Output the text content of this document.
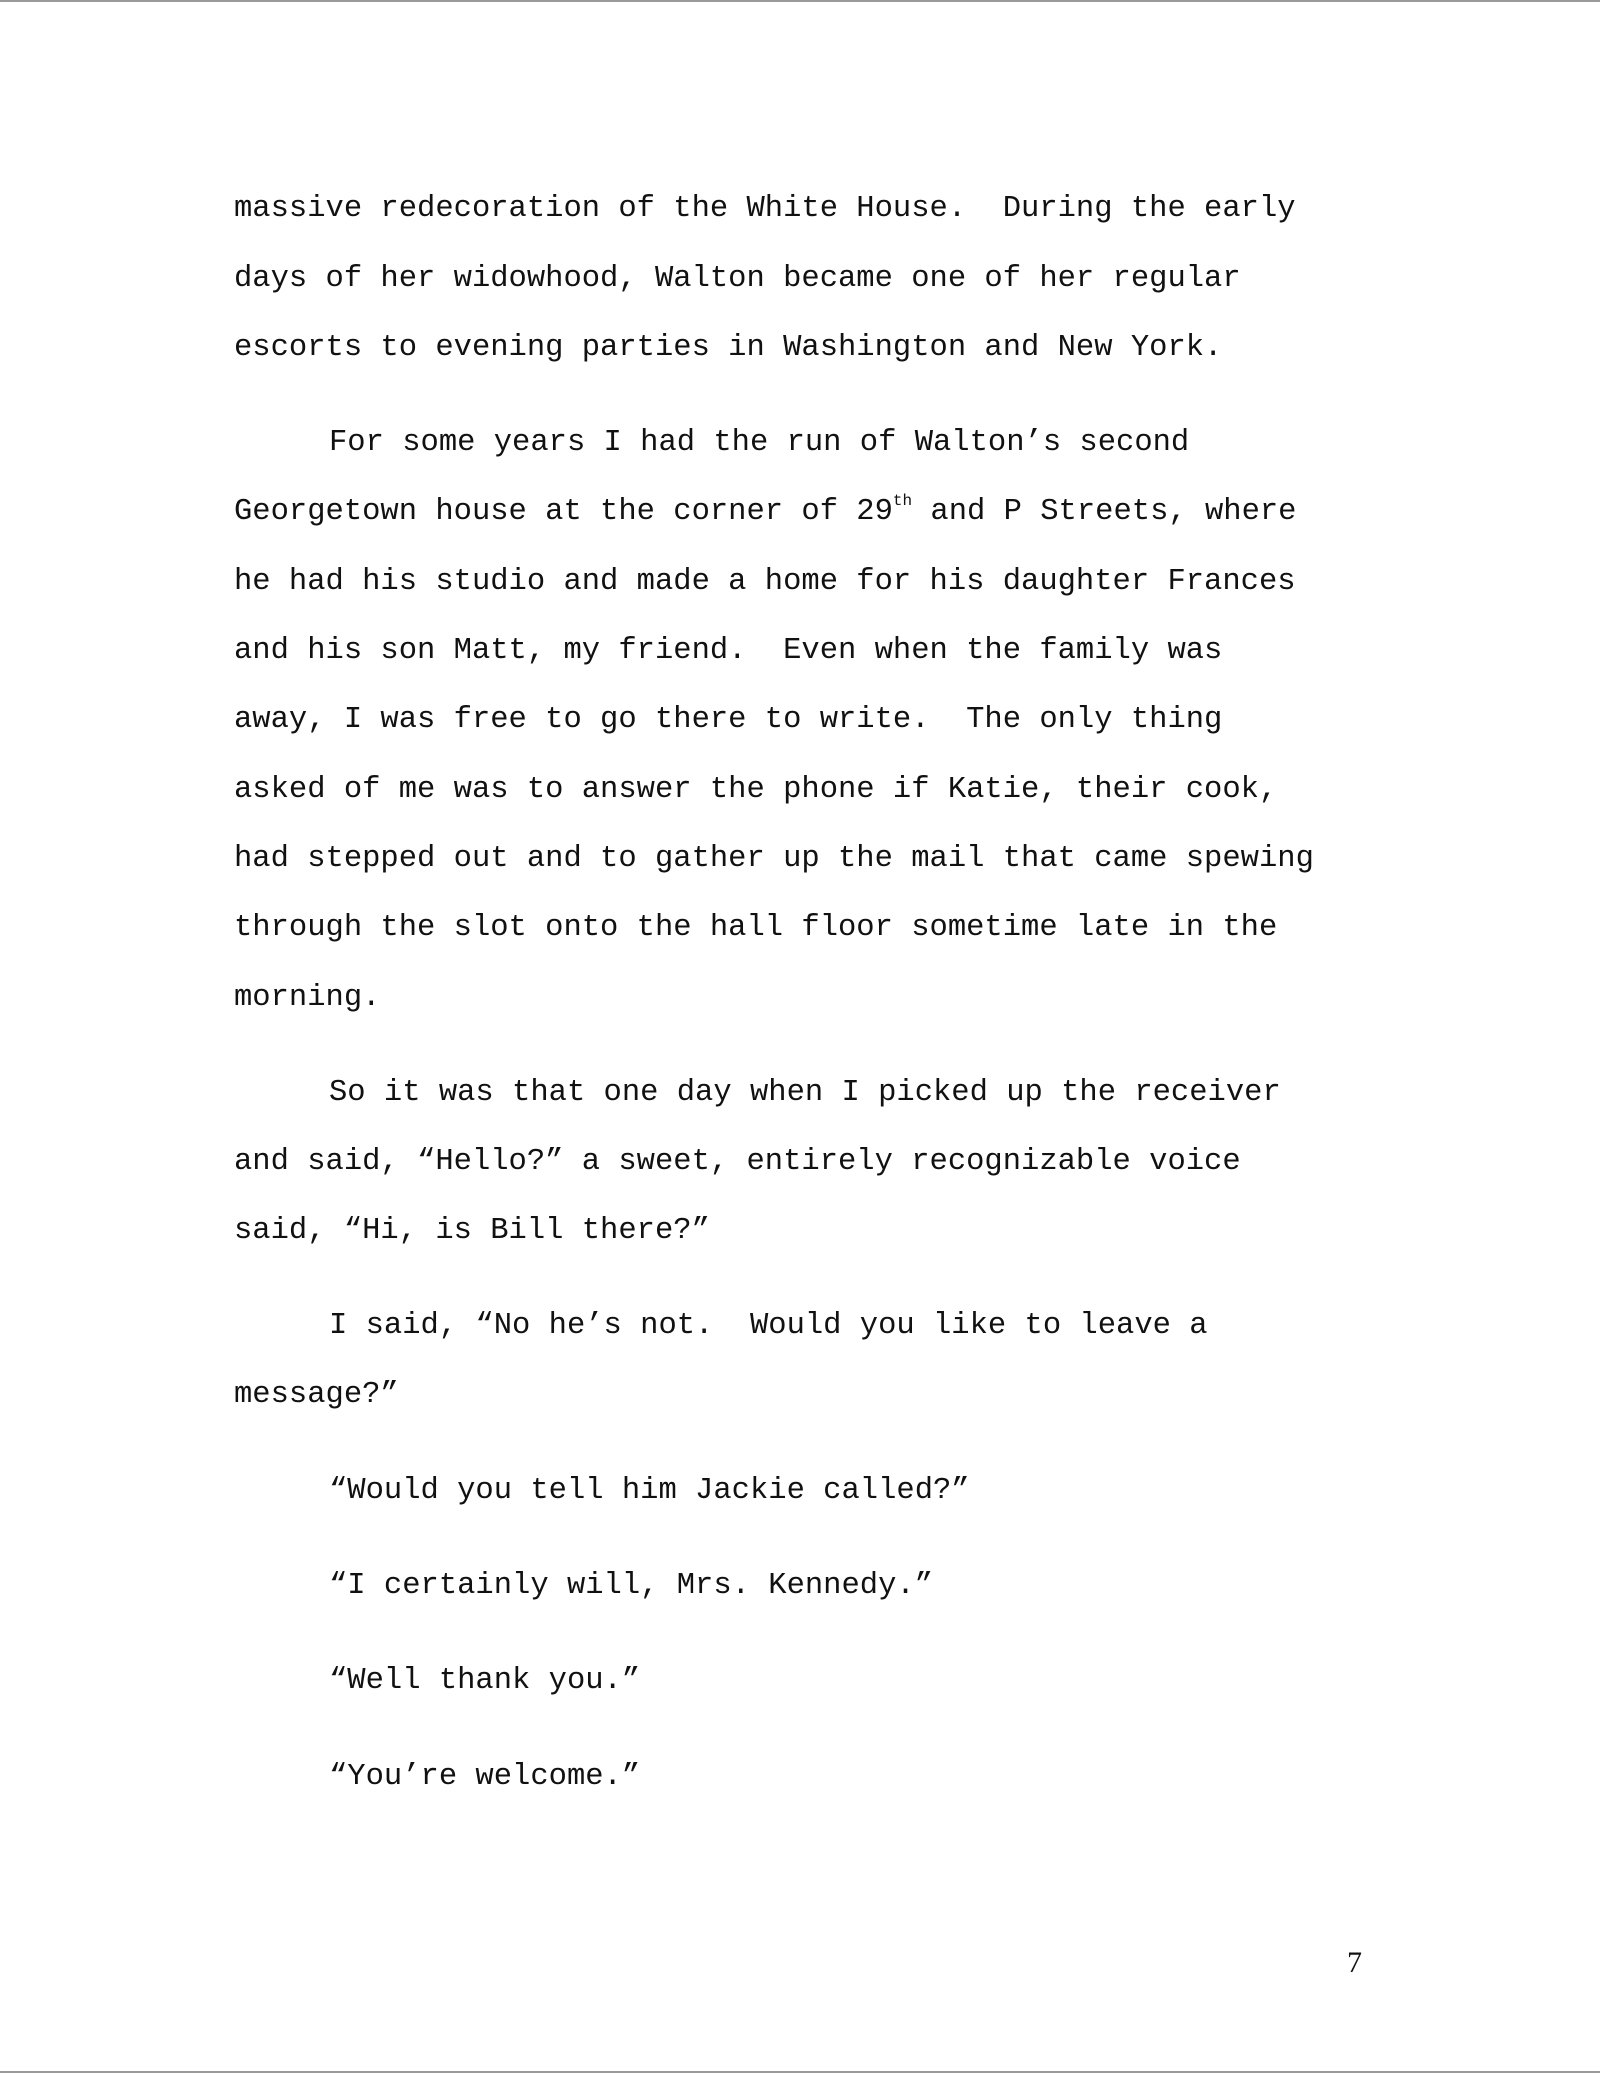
massive redecoration of the White House.  During the early
days of her widowhood, Walton became one of her regular
escorts to evening parties in Washington and New York.
For some years I had the run of Walton’s second
Georgetown house at the corner of 29th and P Streets, where
he had his studio and made a home for his daughter Frances
and his son Matt, my friend.  Even when the family was
away, I was free to go there to write.  The only thing
asked of me was to answer the phone if Katie, their cook,
had stepped out and to gather up the mail that came spewing
through the slot onto the hall floor sometime late in the
morning.
So it was that one day when I picked up the receiver
and said, “Hello?” a sweet, entirely recognizable voice
said, “Hi, is Bill there?”
I said, “No he’s not.  Would you like to leave a
message?”
“Would you tell him Jackie called?”
“I certainly will, Mrs. Kennedy.”
“Well thank you.”
“You’re welcome.”
7
